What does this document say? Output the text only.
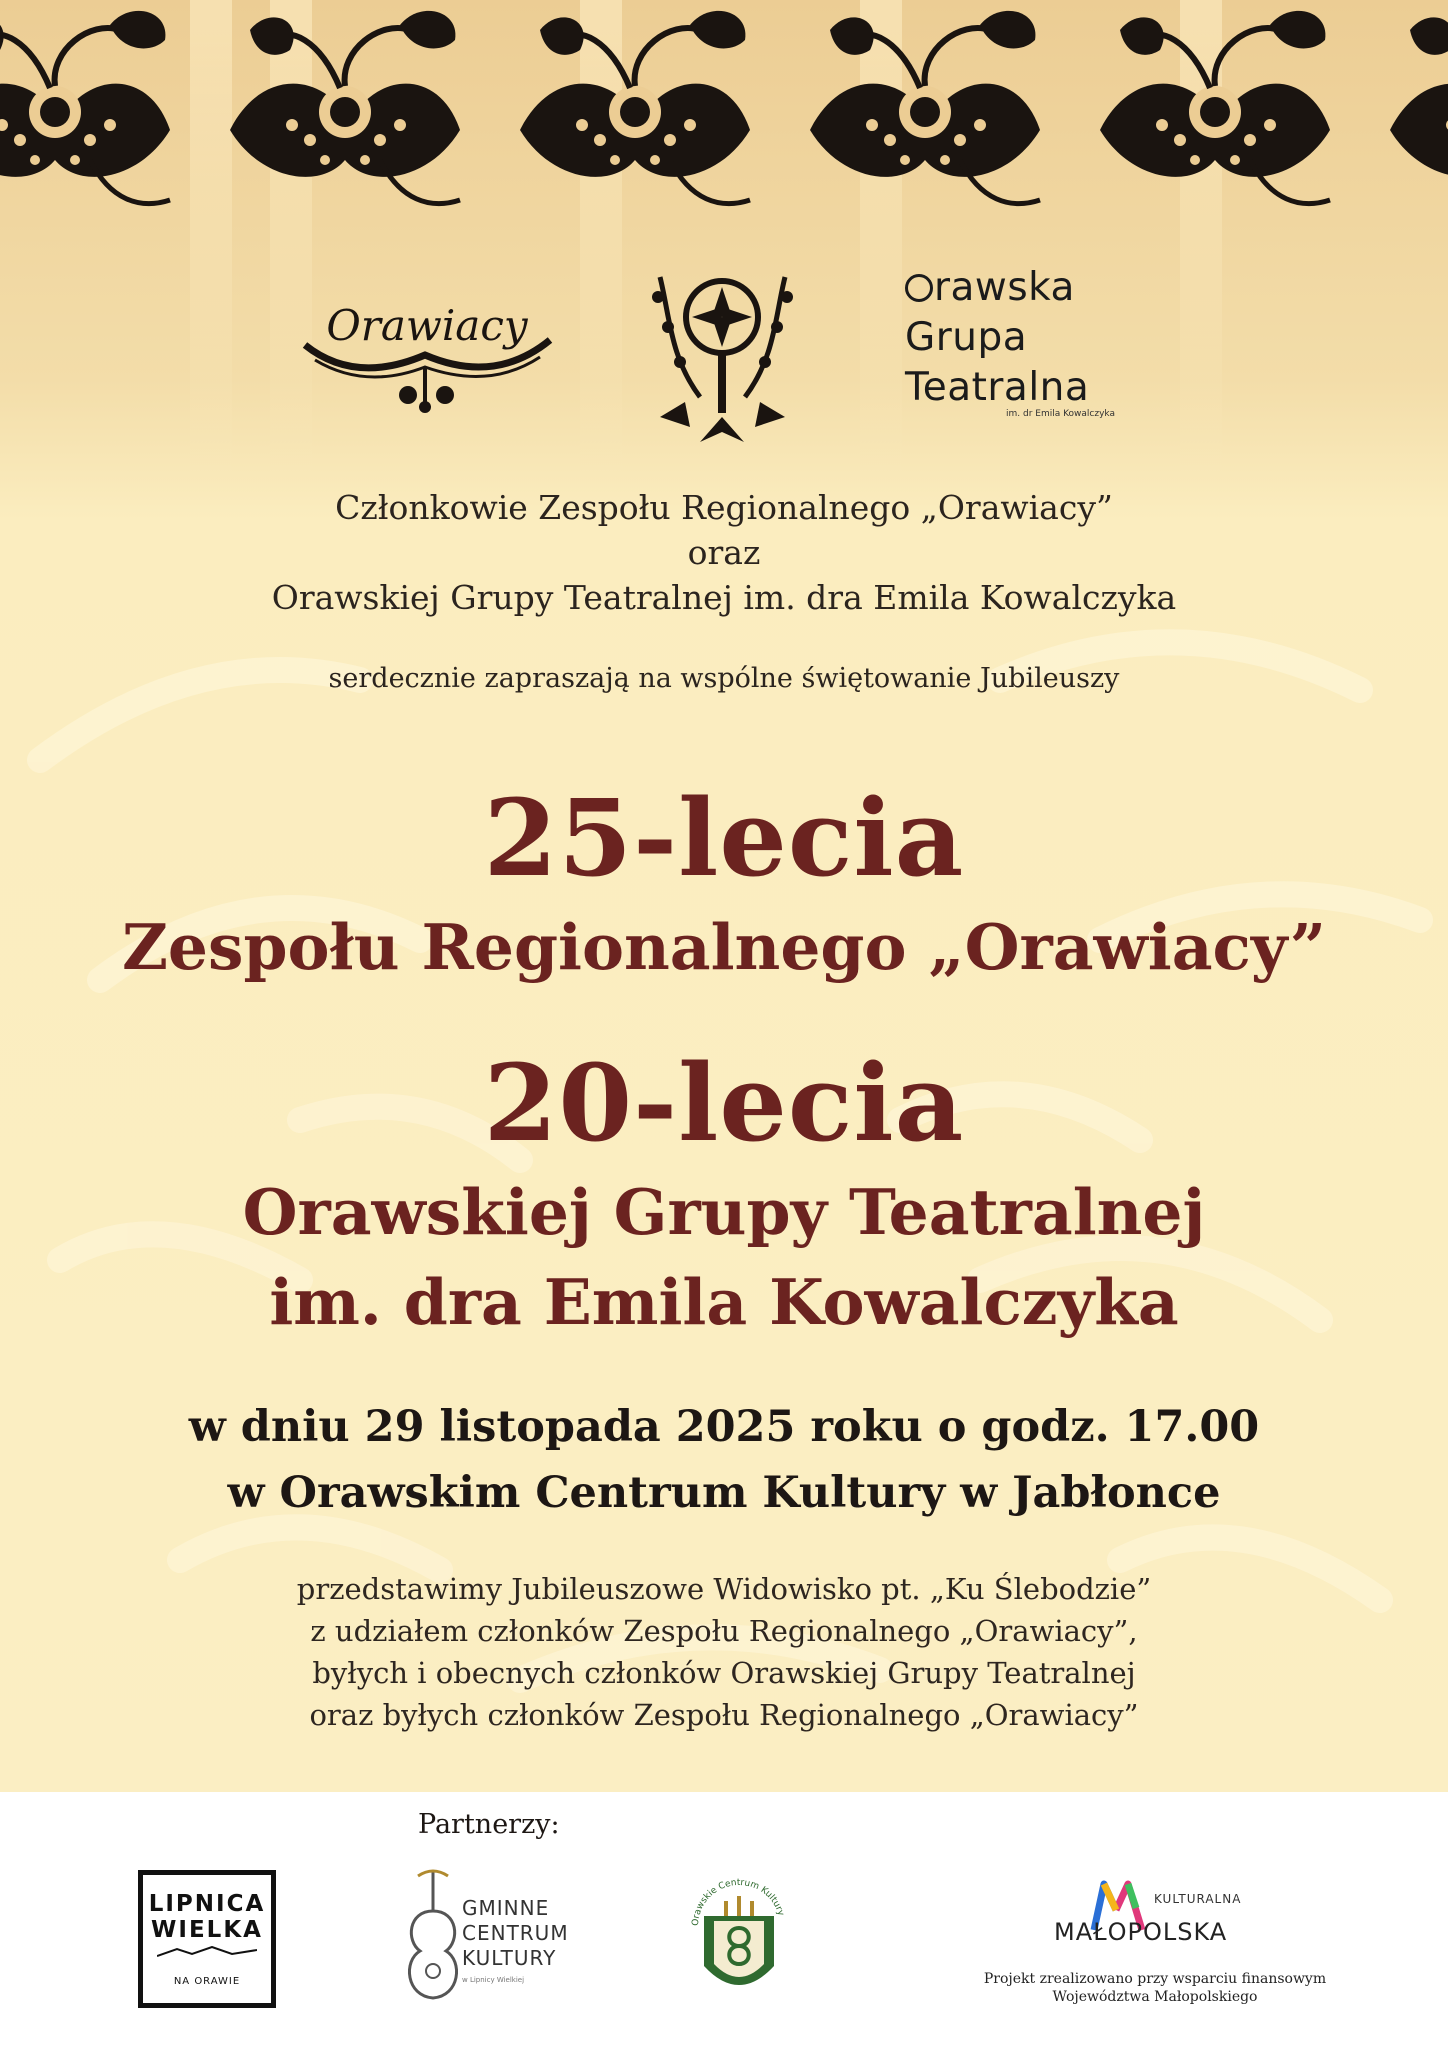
Orawiacy
rawska
Grupa
Teatralna
im. dr Emila Kowalczyka
Członkowie Zespołu Regionalnego „Orawiacy”
oraz
Orawskiej Grupy Teatralnej im. dra Emila Kowalczyka
serdecznie zapraszają na wspólne świętowanie Jubileuszy
25-lecia
Zespołu Regionalnego „Orawiacy”
20-lecia
Orawskiej Grupy Teatralnej
im. dra Emila Kowalczyka
w dniu 29 listopada 2025 roku o godz. 17.00
w Orawskim Centrum Kultury w Jabłonce
przedstawimy Jubileuszowe Widowisko pt. „Ku Ślebodzie”
z udziałem członków Zespołu Regionalnego „Orawiacy”,
byłych i obecnych członków Orawskiej Grupy Teatralnej
oraz byłych członków Zespołu Regionalnego „Orawiacy”
Partnerzy:
LIPNICA
WIELKA
NA ORAWIE
GMINNE
CENTRUM
KULTURY
w Lipnicy Wielkiej
Orawskie Centrum Kultury
KULTURALNA
MAŁOPOLSKA
Projekt zrealizowano przy wsparciu finansowym
Województwa Małopolskiego
